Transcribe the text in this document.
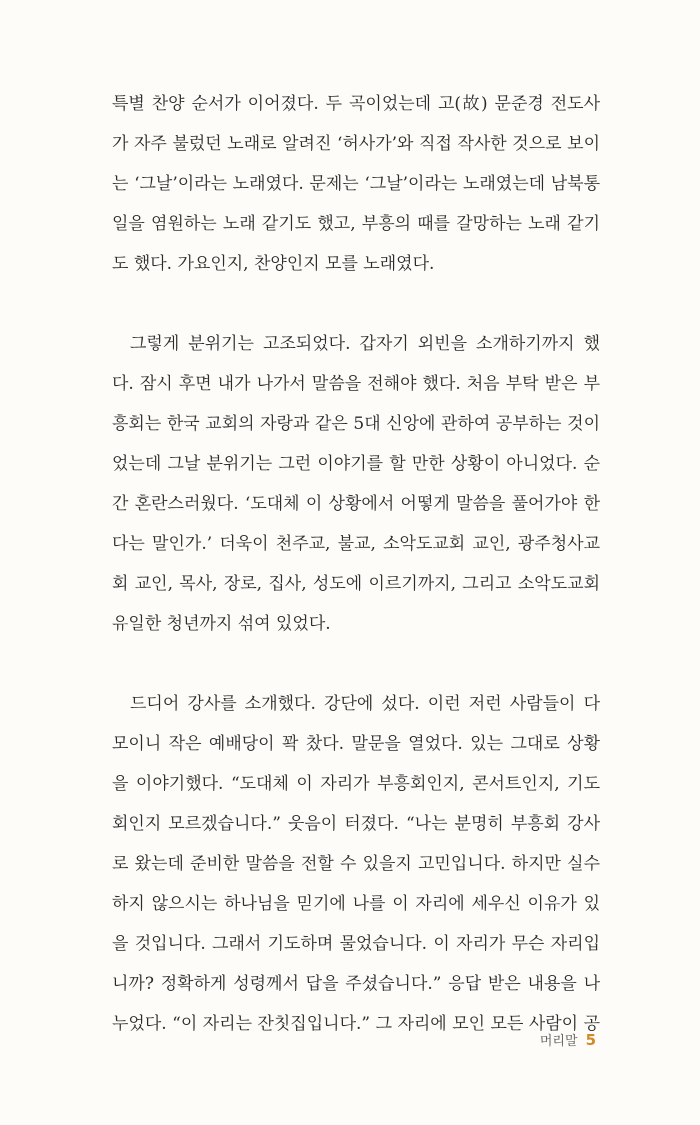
특별 찬양 순서가 이어졌다. 두 곡이었는데 고(故) 문준경 전도사
가 자주 불렀던 노래로 알려진 ‘허사가’와 직접 작사한 것으로 보이
는 ‘그날’이라는 노래였다. 문제는 ‘그날’이라는 노래였는데 남북통
일을 염원하는 노래 같기도 했고, 부흥의 때를 갈망하는 노래 같기
도 했다. 가요인지, 찬양인지 모를 노래였다.
그렇게 분위기는 고조되었다. 갑자기 외빈을 소개하기까지 했
다. 잠시 후면 내가 나가서 말씀을 전해야 했다. 처음 부탁 받은 부
흥회는 한국 교회의 자랑과 같은 5대 신앙에 관하여 공부하는 것이
었는데 그날 분위기는 그런 이야기를 할 만한 상황이 아니었다. 순
간 혼란스러웠다. ‘도대체 이 상황에서 어떻게 말씀을 풀어가야 한
다는 말인가.’ 더욱이 천주교, 불교, 소악도교회 교인, 광주청사교
회 교인, 목사, 장로, 집사, 성도에 이르기까지, 그리고 소악도교회
유일한 청년까지 섞여 있었다.
드디어 강사를 소개했다. 강단에 섰다. 이런 저런 사람들이 다
모이니 작은 예배당이 꽉 찼다. 말문을 열었다. 있는 그대로 상황
을 이야기했다. “도대체 이 자리가 부흥회인지, 콘서트인지, 기도
회인지 모르겠습니다.” 웃음이 터졌다. “나는 분명히 부흥회 강사
로 왔는데 준비한 말씀을 전할 수 있을지 고민입니다. 하지만 실수
하지 않으시는 하나님을 믿기에 나를 이 자리에 세우신 이유가 있
을 것입니다. 그래서 기도하며 물었습니다. 이 자리가 무슨 자리입
니까? 정확하게 성령께서 답을 주셨습니다.” 응답 받은 내용을 나
누었다. “이 자리는 잔칫집입니다.” 그 자리에 모인 모든 사람이 공
머리말 5
